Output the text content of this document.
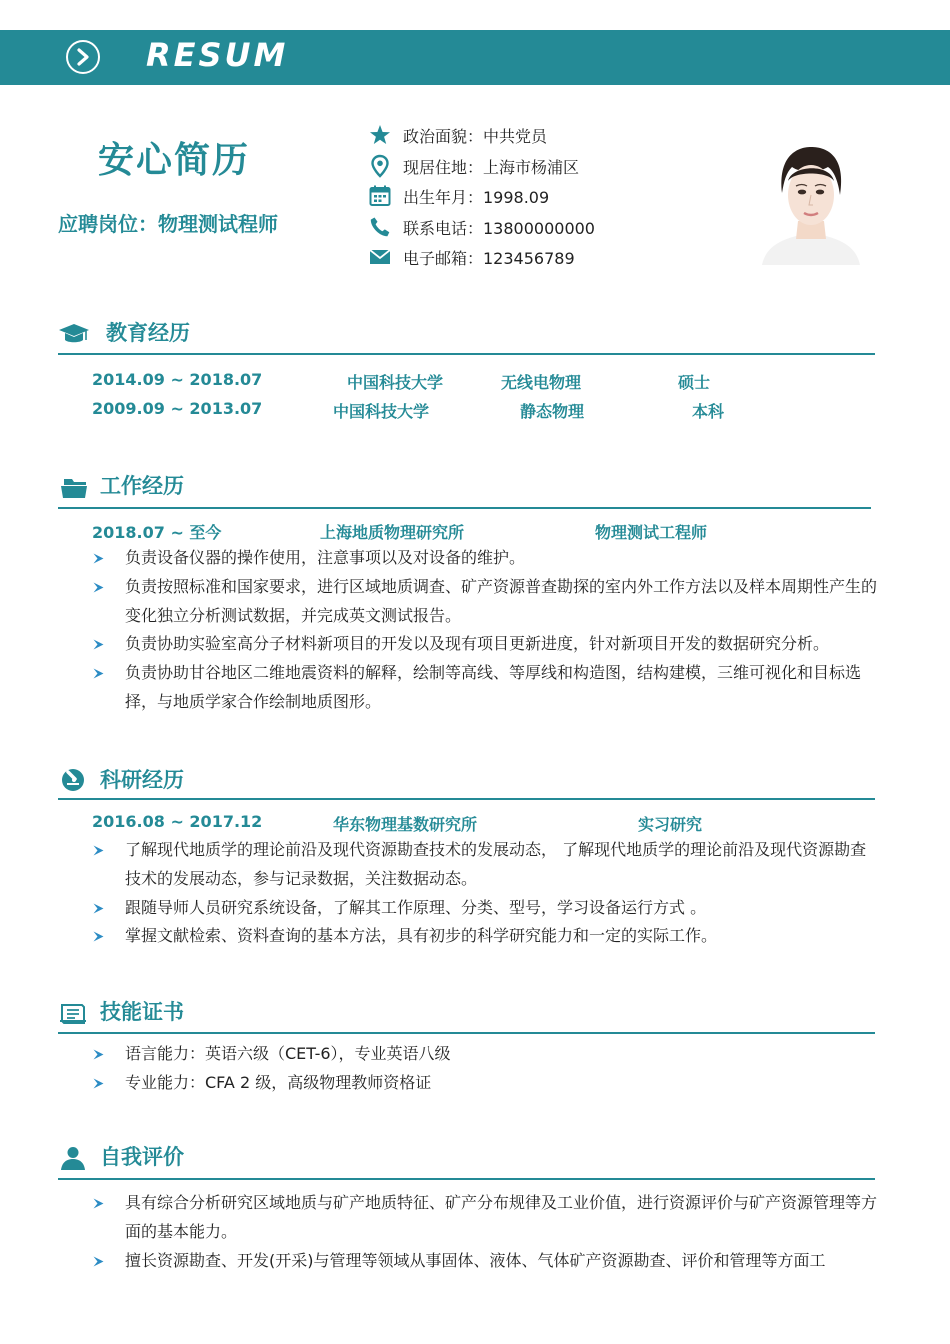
RESUM
安心简历
应聘岗位：物理测试程师
政治面貌：中共党员
现居住地：上海市杨浦区
出生年月：1998.09
联系电话：13800000000
电子邮箱：123456789
教育经历
2014.09 ~ 2018.07	中国科技大学	无线电物理	硕士
2009.09 ~ 2013.07	中国科技大学	静态物理	本科
工作经历
2018.07 ~ 至今	上海地质物理研究所	物理测试工程师
负责设备仪器的操作使用，注意事项以及对设备的维护。
负责按照标准和国家要求，进行区域地质调查、矿产资源普查勘探的室内外工作方法以及样本周期性产生的变化独立分析测试数据，并完成英文测试报告。
负责协助实验室高分子材料新项目的开发以及现有项目更新进度，针对新项目开发的数据研究分析。
负责协助甘谷地区二维地震资料的解释，绘制等高线、等厚线和构造图，结构建模，三维可视化和目标选择，与地质学家合作绘制地质图形。
科研经历
2016.08 ~ 2017.12	华东物理基数研究所	实习研究
了解现代地质学的理论前沿及现代资源勘查技术的发展动态， 了解现代地质学的理论前沿及现代资源勘查技术的发展动态，参与记录数据，关注数据动态。
跟随导师人员研究系统设备，了解其工作原理、分类、型号，学习设备运行方式 。
掌握文献检索、资料查询的基本方法，具有初步的科学研究能力和一定的实际工作。
技能证书
语言能力：英语六级（CET-6），专业英语八级
专业能力：CFA 2 级，高级物理教师资格证
自我评价
具有综合分析研究区域地质与矿产地质特征、矿产分布规律及工业价值，进行资源评价与矿产资源管理等方面的基本能力。
擅长资源勘查、开发(开采)与管理等领域从事固体、液体、气体矿产资源勘查、评价和管理等方面工
